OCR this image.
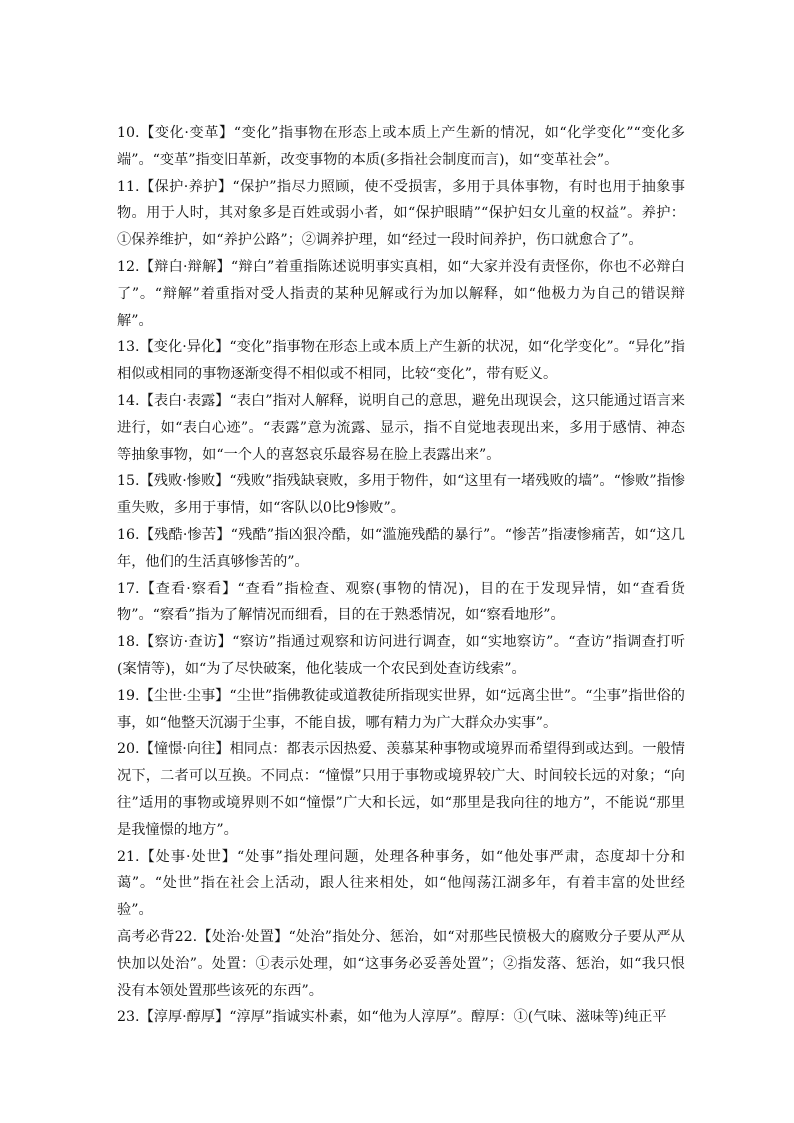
10.【变化·变革】“变化”指事物在形态上或本质上产生新的情况，如“化学变化”“变化多端”。“变革”指变旧革新，改变事物的本质(多指社会制度而言)，如“变革社会”。

11.【保护·养护】“保护”指尽力照顾，使不受损害，多用于具体事物，有时也用于抽象事物。用于人时，其对象多是百姓或弱小者，如“保护眼睛”“保护妇女儿童的权益”。养护：①保养维护，如“养护公路”；②调养护理，如“经过一段时间养护，伤口就愈合了”。

12.【辩白·辩解】“辩白”着重指陈述说明事实真相，如“大家并没有责怪你，你也不必辩白了”。“辩解”着重指对受人指责的某种见解或行为加以解释，如“他极力为自己的错误辩解”。

13.【变化·异化】“变化”指事物在形态上或本质上产生新的状况，如“化学变化”。“异化”指相似或相同的事物逐渐变得不相似或不相同，比较“变化”，带有贬义。

14.【表白·表露】“表白”指对人解释，说明自己的意思，避免出现误会，这只能通过语言来进行，如“表白心迹”。“表露”意为流露、显示，指不自觉地表现出来，多用于感情、神态等抽象事物，如“一个人的喜怒哀乐最容易在脸上表露出来”。

15.【残败·惨败】“残败”指残缺衰败，多用于物件，如“这里有一堵残败的墙”。“惨败”指惨重失败，多用于事情，如“客队以0比9惨败”。

16.【残酷·惨苦】“残酷”指凶狠冷酷，如“滥施残酷的暴行”。“惨苦”指凄惨痛苦，如“这几年，他们的生活真够惨苦的”。

17.【查看·察看】“查看”指检查、观察(事物的情况)，目的在于发现异情，如“查看货物”。“察看”指为了解情况而细看，目的在于熟悉情况，如“察看地形”。

18.【察访·查访】“察访”指通过观察和访问进行调查，如“实地察访”。“查访”指调查打听(案情等)，如“为了尽快破案，他化装成一个农民到处查访线索”。

19.【尘世·尘事】“尘世”指佛教徒或道教徒所指现实世界，如“远离尘世”。“尘事”指世俗的事，如“他整天沉溺于尘事，不能自拔，哪有精力为广大群众办实事”。

20.【憧憬·向往】相同点：都表示因热爱、羡慕某种事物或境界而希望得到或达到。一般情况下，二者可以互换。不同点：“憧憬”只用于事物或境界较广大、时间较长远的对象；“向往”适用的事物或境界则不如“憧憬”广大和长远，如“那里是我向往的地方”，不能说“那里是我憧憬的地方”。

21.【处事·处世】“处事”指处理问题，处理各种事务，如“他处事严肃，态度却十分和蔼”。“处世”指在社会上活动，跟人往来相处，如“他闯荡江湖多年，有着丰富的处世经验”。

高考必背22.【处治·处置】“处治”指处分、惩治，如“对那些民愤极大的腐败分子要从严从快加以处治”。处置：①表示处理，如“这事务必妥善处置”；②指发落、惩治，如“我只恨没有本领处置那些该死的东西”。

23.【淳厚·醇厚】“淳厚”指诚实朴素，如“他为人淳厚”。醇厚：①(气味、滋味等)纯正平
